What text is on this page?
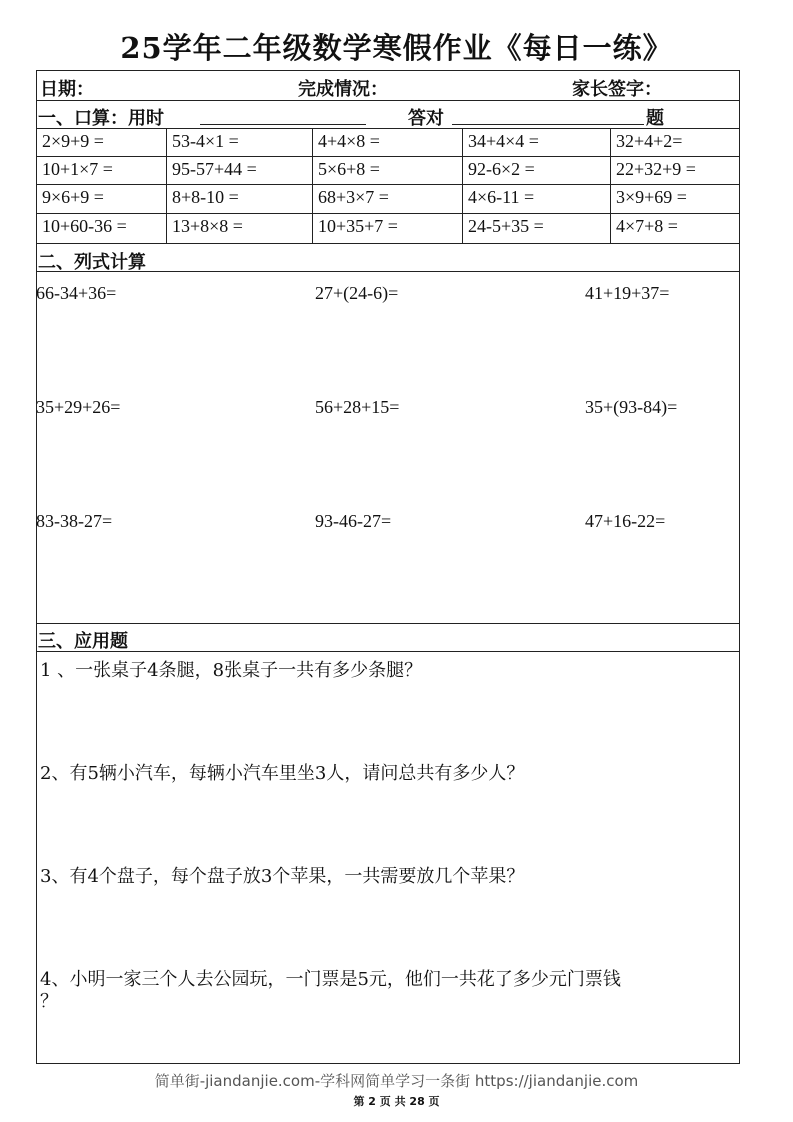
25学年二年级数学寒假作业《每日一练》
日期：	完成情况：	家长签字：
一、口算：用时	答对	题
二、列式计算
三、应用题
简单街-jiandanjie.com-学科网简单学习一条街 https://jiandanjie.com
第 2 页 共 28 页
2×9+9 =	53-4×1 =	4+4×8 =	34+4×4 =	32+4+2=
10+1×7 =	95-57+44 =	5×6+8 =	92-6×2 =	22+32+9 =
9×6+9 =	8+8-10 =	68+3×7 =	4×6-11 =	3×9+69 =
10+60-36 =	13+8×8 =	10+35+7 =	24-5+35 =	4×7+8 =
66-34+36=	27+(24-6)=	41+19+37=
35+29+26=	56+28+15=	35+(93-84)=
83-38-27=	93-46-27=	47+16-22=
1 、一张桌子4条腿，8张桌子一共有多少条腿？
2、有5辆小汽车，每辆小汽车里坐3人，请问总共有多少人？
3、有4个盘子，每个盘子放3个苹果，一共需要放几个苹果？
4、小明一家三个人去公园玩，一门票是5元，他们一共花了多少元门票钱
？
